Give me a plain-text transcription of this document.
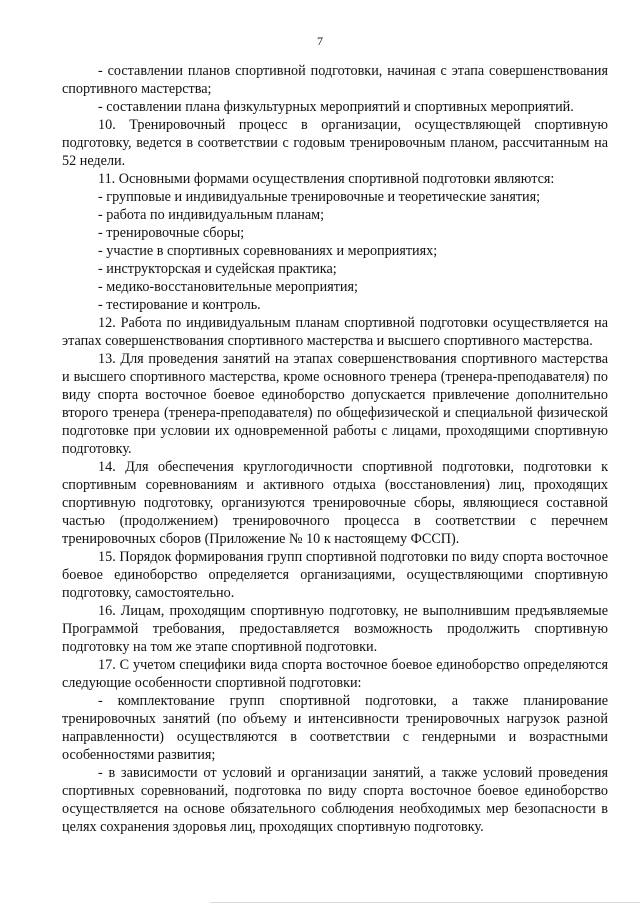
7

- составлении планов спортивной подготовки, начиная с этапа совершенствования спортивного мастерства;

- составлении плана физкультурных мероприятий и спортивных мероприятий.

10. Тренировочный процесс в организации, осуществляющей спортивную подготовку, ведется в соответствии с годовым тренировочным планом, рассчитанным на 52 недели.

11. Основными формами осуществления спортивной подготовки являются:

- групповые и индивидуальные тренировочные и теоретические занятия;

- работа по индивидуальным планам;

- тренировочные сборы;

- участие в спортивных соревнованиях и мероприятиях;

- инструкторская и судейская практика;

- медико-восстановительные мероприятия;

- тестирование и контроль.

12. Работа по индивидуальным планам спортивной подготовки осуществляется на этапах совершенствования спортивного мастерства и высшего спортивного мастерства.

13. Для проведения занятий на этапах совершенствования спортивного мастерства и высшего спортивного мастерства, кроме основного тренера (тренера-преподавателя) по виду спорта восточное боевое единоборство допускается привлечение дополнительно второго тренера (тренера-преподавателя) по общефизической и специальной физической подготовке при условии их одновременной работы с лицами, проходящими спортивную подготовку.

14. Для обеспечения круглогодичности спортивной подготовки, подготовки к спортивным соревнованиям и активного отдыха (восстановления) лиц, проходящих спортивную подготовку, организуются тренировочные сборы, являющиеся составной частью (продолжением) тренировочного процесса в соответствии с перечнем тренировочных сборов (Приложение № 10 к настоящему ФССП).

15. Порядок формирования групп спортивной подготовки по виду спорта восточное боевое единоборство определяется организациями, осуществляющими спортивную подготовку, самостоятельно.

16. Лицам, проходящим спортивную подготовку, не выполнившим предъявляемые Программой требования, предоставляется возможность продолжить спортивную подготовку на том же этапе спортивной подготовки.

17. С учетом специфики вида спорта восточное боевое единоборство определяются следующие особенности спортивной подготовки:

- комплектование групп спортивной подготовки, а также планирование тренировочных занятий (по объему и интенсивности тренировочных нагрузок разной направленности) осуществляются в соответствии с гендерными и возрастными особенностями развития;

- в зависимости от условий и организации занятий, а также условий проведения спортивных соревнований, подготовка по виду спорта восточное боевое единоборство осуществляется на основе обязательного соблюдения необходимых мер безопасности в целях сохранения здоровья лиц, проходящих спортивную подготовку.
